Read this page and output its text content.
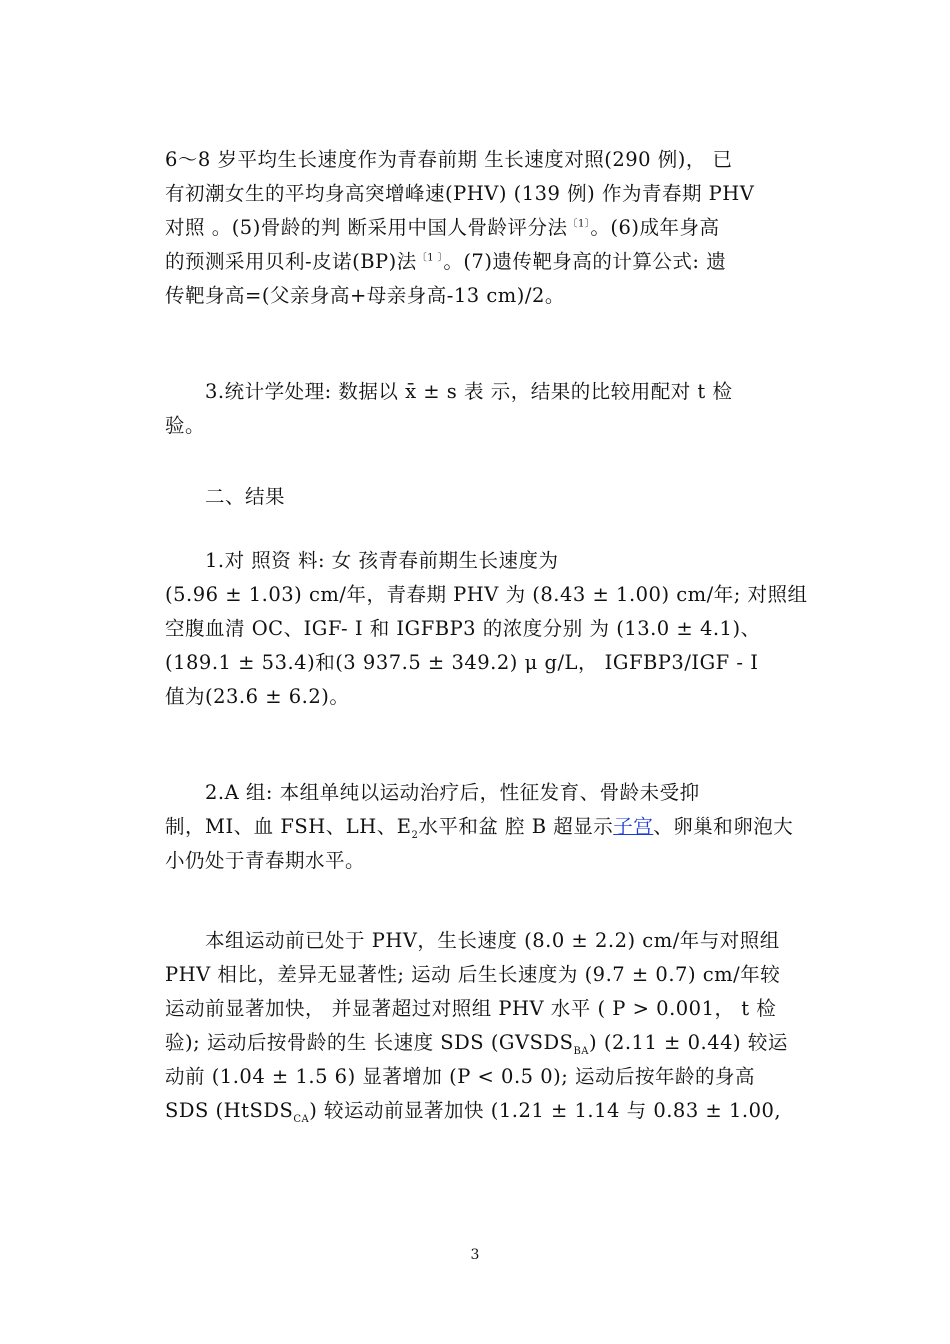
6～8 岁平均生长速度作为青春前期 生长速度对照(290 例)， 已
有初潮女生的平均身高突增峰速(PHV) (139 例) 作为青春期 PHV
对照 。(5)骨龄的判 断采用中国人骨龄评分法$^{〔1〕}$。(6)成年身高
的预测采用贝利-皮诺(BP)法$^{〔1 〕}$。(7)遗传靶身高的计算公式: 遗
传靶身高=(父亲身高+母亲身高-13 cm)/2。
3.统计学处理: 数据以 x̄ ± s 表 示，结果的比较用配对 t 检
验。
二、结果
1.对 照资 料: 女 孩青春前期生长速度为
(5.96 ± 1.03) cm/年，青春期 PHV 为 (8.43 ± 1.00) cm/年; 对照组
空腹血清 OC、IGF- I 和 IGFBP3 的浓度分别 为 (13.0 ± 4.1)、
(189.1 ± 53.4)和(3 937.5 ± 349.2) μ g/L， IGFBP3/IGF - I
值为(23.6 ± 6.2)。
2.A 组: 本组单纯以运动治疗后，性征发育、骨龄未受抑
制，MI、血 FSH、LH、$E_2$水平和盆 腔 B 超显示子宫、卵巢和卵泡大
小仍处于青春期水平。
本组运动前已处于 PHV，生长速度 (8.0 ± 2.2) cm/年与对照组
PHV 相比，差异无显著性; 运动 后生长速度为 (9.7 ± 0.7) cm/年较
运动前显著加快， 并显著超过对照组 PHV 水平 ( P > 0.001， t 检
验); 运动后按骨龄的生 长速度 SDS $(GVSDS_{BA}) (2.11 \pm 0.44)$ 较运
动前 (1.04 ± 1.5 6) 显著增加 (P < 0.5 0); 运动后按年龄的身高
SDS (HtSDS$_{CA}$) 较运动前显著加快 (1.21 ± 1.14 与 0.83 ± 1.00,
3
